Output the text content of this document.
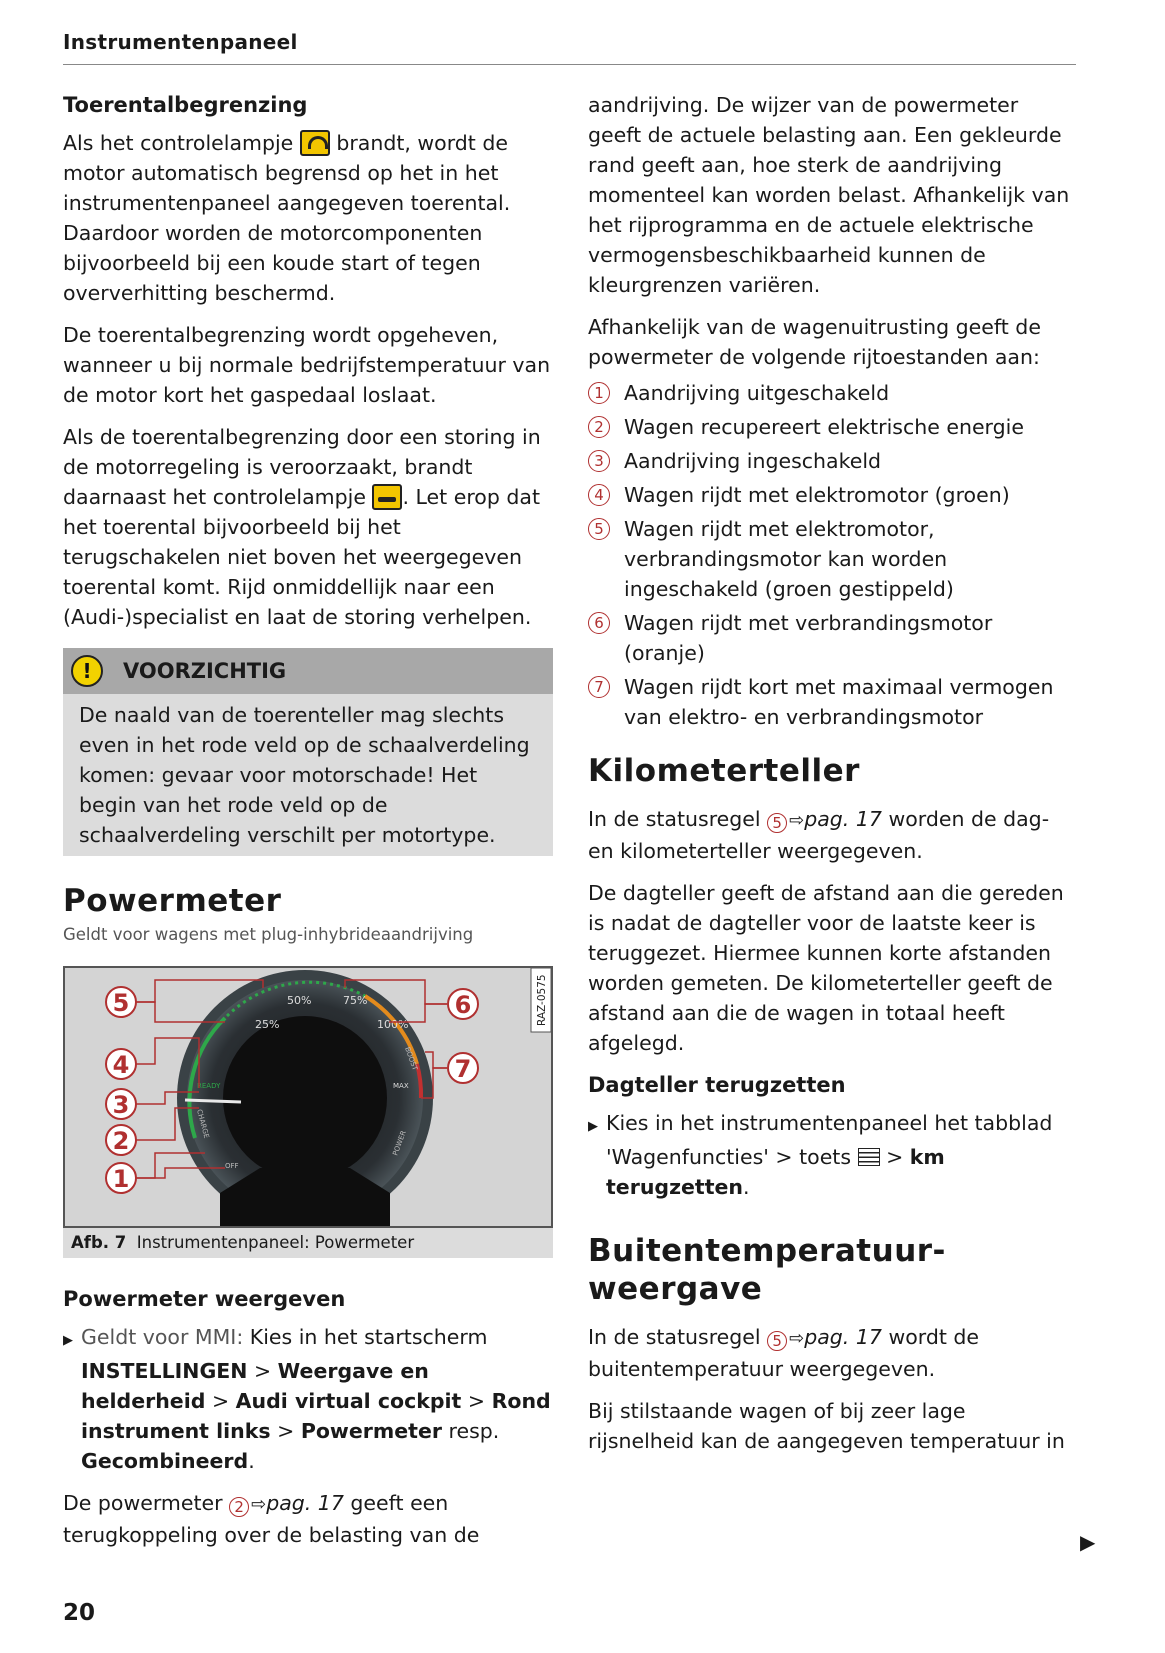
Instrumentenpaneel
Toerentalbegrenzing

Als het controlelampje  brandt, wordt de motor automatisch begrensd op het in het instrumentenpaneel aangegeven toerental. Daardoor worden de motorcomponenten bijvoorbeeld bij een koude start of tegen oververhitting beschermd.

De toerentalbegrenzing wordt opgeheven, wanneer u bij normale bedrijfstemperatuur van de motor kort het gaspedaal loslaat.

Als de toerentalbegrenzing door een storing in de motorregeling is veroorzaakt, brandt daarnaast het controlelampje . Let erop dat het toerental bijvoorbeeld bij het terugschakelen niet boven het weergegeven toerental komt. Rijd onmiddellijk naar een (Audi-)specialist en laat de storing verhelpen.

!	VOORZICHTIG
De naald van de toerenteller mag slechts even in het rode veld op de schaalverdeling komen: gevaar voor motorschade! Het begin van het rode veld op de schaalverdeling verschilt per motortype.
Powermeter
Geldt voor wagens met plug-inhybrideaandrijving
25%
50%	75%
100%
READY	MAX
CHARGE
POWER
BOOST
OFF
5
4
3
2
1
6
7
RAZ-0575
Afb. 7 Instrumentenpaneel: Powermeter
Powermeter weergeven
▶ Geldt voor MMI: Kies in het startscherm INSTELLINGEN > Weergave en helderheid > Audi virtual cockpit > Rond instrument links > Powermeter resp. Gecombineerd.

De powermeter 2 ⇨pag. 17 geeft een terugkoppeling over de belasting van de

aandrijving. De wijzer van de powermeter geeft de actuele belasting aan. Een gekleurde rand geeft aan, hoe sterk de aandrijving momenteel kan worden belast. Afhankelijk van het rijprogramma en de actuele elektrische vermogensbeschikbaarheid kunnen de kleurgrenzen variëren.

Afhankelijk van de wagenuitrusting geeft de powermeter de volgende rijtoestanden aan:

1 Aandrijving uitgeschakeld
2 Wagen recupereert elektrische energie
3 Aandrijving ingeschakeld
4 Wagen rijdt met elektromotor (groen)
5 Wagen rijdt met elektromotor, verbrandingsmotor kan worden ingeschakeld (groen gestippeld)
6 Wagen rijdt met verbrandingsmotor (oranje)
7 Wagen rijdt kort met maximaal vermogen van elektro- en verbrandingsmotor
Kilometerteller

In de statusregel 5 ⇨pag. 17 worden de dag- en kilometerteller weergegeven.

De dagteller geeft de afstand aan die gereden is nadat de dagteller voor de laatste keer is teruggezet. Hiermee kunnen korte afstanden worden gemeten. De kilometerteller geeft de afstand aan die de wagen in totaal heeft afgelegd.

Dagteller terugzetten
▶ Kies in het instrumentenpaneel het tabblad 'Wagenfuncties' > toets  > km terugzetten.
Buitentemperatuur-
weergave

In de statusregel 5 ⇨pag. 17 wordt de buitentemperatuur weergegeven.

Bij stilstaande wagen of bij zeer lage rijsnelheid kan de aangegeven temperatuur in

▶
20
